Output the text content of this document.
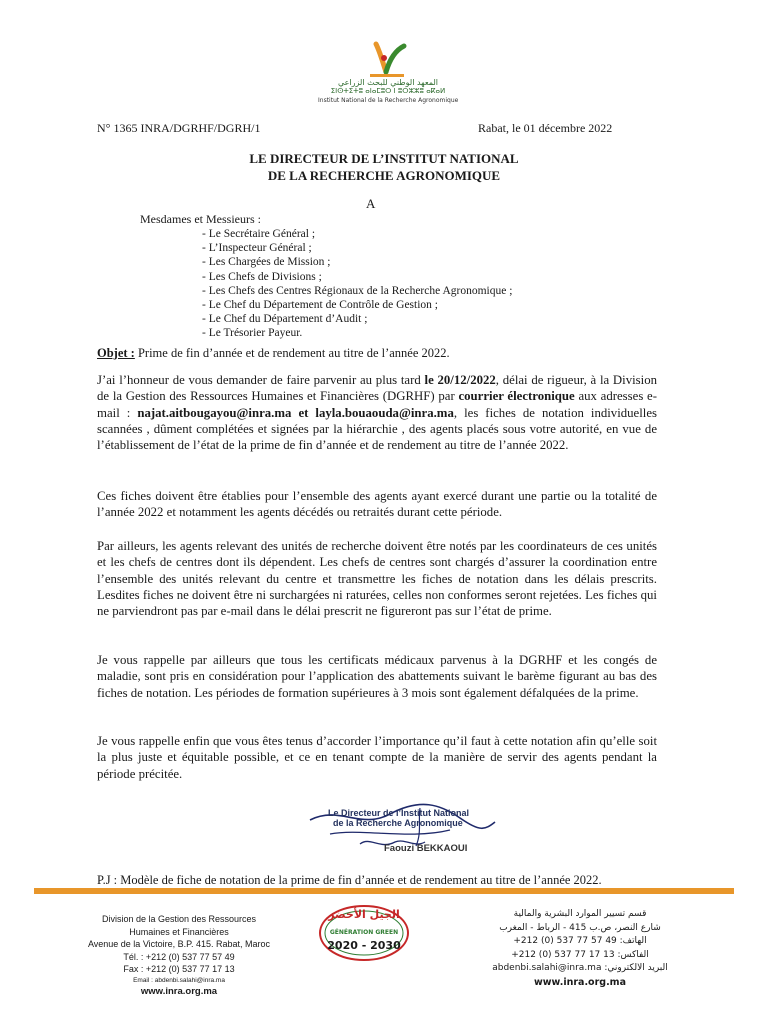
المعهد الوطني للبحث الزراعي
ⵉⵏⵙⵜⵉⵜⵓ ⴰⵏⴰⵎⵓⵔ ⵏ ⵓⵔⵣⵣⵓ ⴰⴽⴰⵍ
Institut National de la Recherche Agronomique
N° 1365 INRA/DGRHF/DGRH/1	Rabat, le 01 décembre 2022
LE DIRECTEUR DE L’INSTITUT NATIONAL
DE LA RECHERCHE AGRONOMIQUE
A
Mesdames et Messieurs :
- Le Secrétaire Général ;
- L’Inspecteur Général ;
- Les Chargées de Mission ;
- Les Chefs de Divisions ;
- Les Chefs des Centres Régionaux de la Recherche Agronomique ;
- Le Chef du Département de Contrôle de Gestion ;
- Le Chef du Département d’Audit ;
- Le Trésorier Payeur.
Objet : Prime de fin d’année et de rendement au titre de l’année 2022.
J’ai l’honneur de vous demander de faire parvenir au plus tard le 20/12/2022, délai de rigueur, à la Division de la Gestion des Ressources Humaines et Financières (DGRHF) par courrier électronique aux adresses e-mail : najat.aitbougayou@inra.ma et layla.bouaouda@inra.ma, les fiches de notation individuelles scannées , dûment complétées et signées par la hiérarchie , des agents placés sous votre autorité, en vue de l’établissement de l’état de la prime de fin d’année et de rendement au titre de l’année 2022.
Ces fiches doivent être établies pour l’ensemble des agents ayant exercé durant une partie ou la totalité de l’année 2022 et notamment les agents décédés ou retraités durant cette période.
Par ailleurs, les agents relevant des unités de recherche doivent être notés par les coordinateurs de ces unités et les chefs de centres dont ils dépendent. Les chefs de centres sont chargés d’assurer la coordination entre l’ensemble des unités relevant du centre et transmettre les fiches de notation dans les délais prescrits. Lesdites fiches ne doivent être ni surchargées ni raturées, celles non conformes seront rejetées. Les fiches qui ne parviendront pas par e-mail dans le délai prescrit ne figureront pas sur l’état de prime.
Je vous rappelle par ailleurs que tous les certificats médicaux parvenus à la DGRHF et les congés de maladie, sont pris en considération pour l’application des abattements suivant le barème figurant au bas des fiches de notation. Les périodes de formation supérieures à 3 mois sont également défalquées de la prime.
Je vous rappelle enfin que vous êtes tenus d’accorder l’importance qu’il faut à cette notation afin qu’elle soit la plus juste et équitable possible, et ce en tenant compte de la manière de servir des agents pendant la période précitée.
Le Directeur de l’Institut National
de la Recherche Agronomique
Faouzi BEKKAOUI
P.J : Modèle de fiche de notation de la prime de fin d’année et de rendement au titre de l’année 2022.
Division de la Gestion des Ressources
Humaines et Financières
Avenue de la Victoire, B.P. 415. Rabat, Maroc
Tél. : +212 (0) 537 77 57 49
Fax : +212 (0) 537 77 17 13
Email : abdenbi.salahi@inra.ma
www.inra.org.ma
الجيل الأخضر
GÉNÉRATION GREEN
2020 - 2030
قسم تسيير الموارد البشرية والمالية
شارع النصر، ص.ب 415 - الرباط - المغرب
الهاتف: 49 57 77 537 (0) 212+
الفاكس: 13 17 77 537 (0) 212+
البريد الالكتروني: abdenbi.salahi@inra.ma
www.inra.org.ma
